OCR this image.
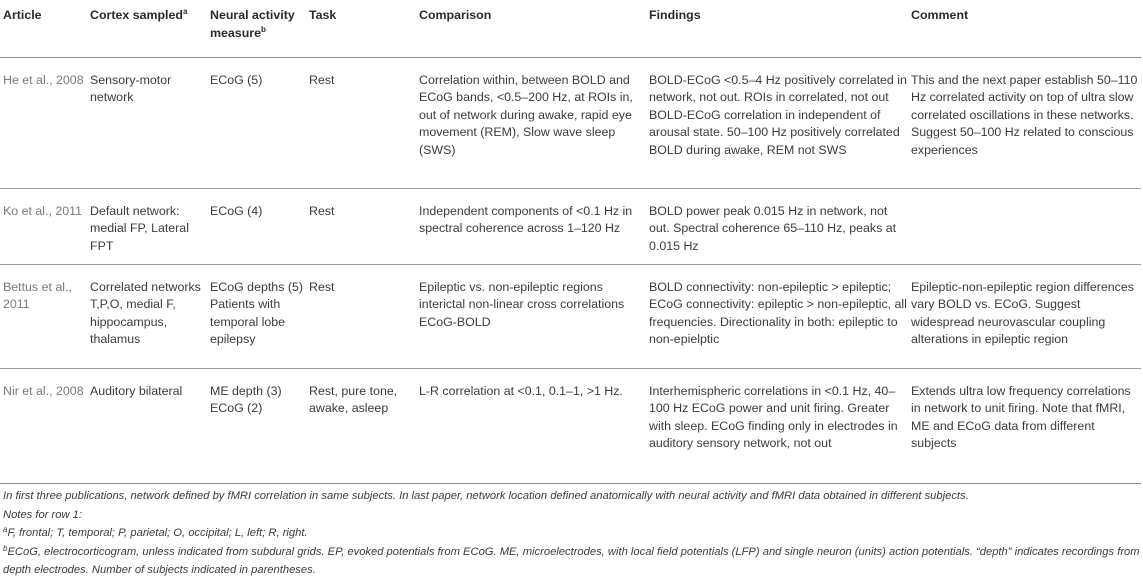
Article	Cortex sampled$^a$	Neural activity measure$^b$	Task	Comparison	Findings	Comment

He et al., 2008	Sensory-motor network	ECoG (5)	Rest	Correlation within, between BOLD and ECoG bands, <0.5–200 Hz, at ROIs in, out of network during awake, rapid eye movement (REM), Slow wave sleep (SWS)	BOLD-ECoG <0.5–4 Hz positively correlated in network, not out. ROIs in correlated, not out BOLD-ECoG correlation in independent of arousal state. 50–100 Hz positively correlated BOLD during awake, REM not SWS	This and the next paper establish 50–110 Hz correlated activity on top of ultra slow correlated oscillations in these networks. Suggest 50–100 Hz related to conscious experiences

Ko et al., 2011	Default network: medial FP, Lateral FPT	ECoG (4)	Rest	Independent components of <0.1 Hz in spectral coherence across 1–120 Hz	BOLD power peak 0.015 Hz in network, not out. Spectral coherence 65–110 Hz, peaks at 0.015 Hz	

Bettus et al., 2011	Correlated networks T,P,O, medial F, hippocampus, thalamus	ECoG depths (5) Patients with temporal lobe epilepsy	Rest	Epileptic vs. non-epileptic regions interictal non-linear cross correlations ECoG-BOLD	BOLD connectivity: non-epileptic > epileptic; ECoG connectivity: epileptic > non-epileptic, all frequencies. Directionality in both: epileptic to non-epielptic	Epileptic-non-epileptic region differences vary BOLD vs. ECoG. Suggest widespread neurovascular coupling alterations in epileptic region

Nir et al., 2008	Auditory bilateral	ME depth (3) ECoG (2)	Rest, pure tone, awake, asleep	L-R correlation at <0.1, 0.1–1, >1 Hz.	Interhemispheric correlations in <0.1 Hz, 40–100 Hz ECoG power and unit firing. Greater with sleep. ECoG finding only in electrodes in auditory sensory network, not out	Extends ultra low frequency correlations in network to unit firing. Note that fMRI, ME and ECoG data from different subjects

In first three publications, network defined by fMRI correlation in same subjects. In last paper, network location defined anatomically with neural activity and fMRI data obtained in different subjects.

Notes for row 1:

$^a$F, frontal; T, temporal; P, parietal; O, occipital; L, left; R, right.

$^b$ECoG, electrocorticogram, unless indicated from subdural grids. EP, evoked potentials from ECoG. ME, microelectrodes, with local field potentials (LFP) and single neuron (units) action potentials. “depth” indicates recordings from depth electrodes. Number of subjects indicated in parentheses.
